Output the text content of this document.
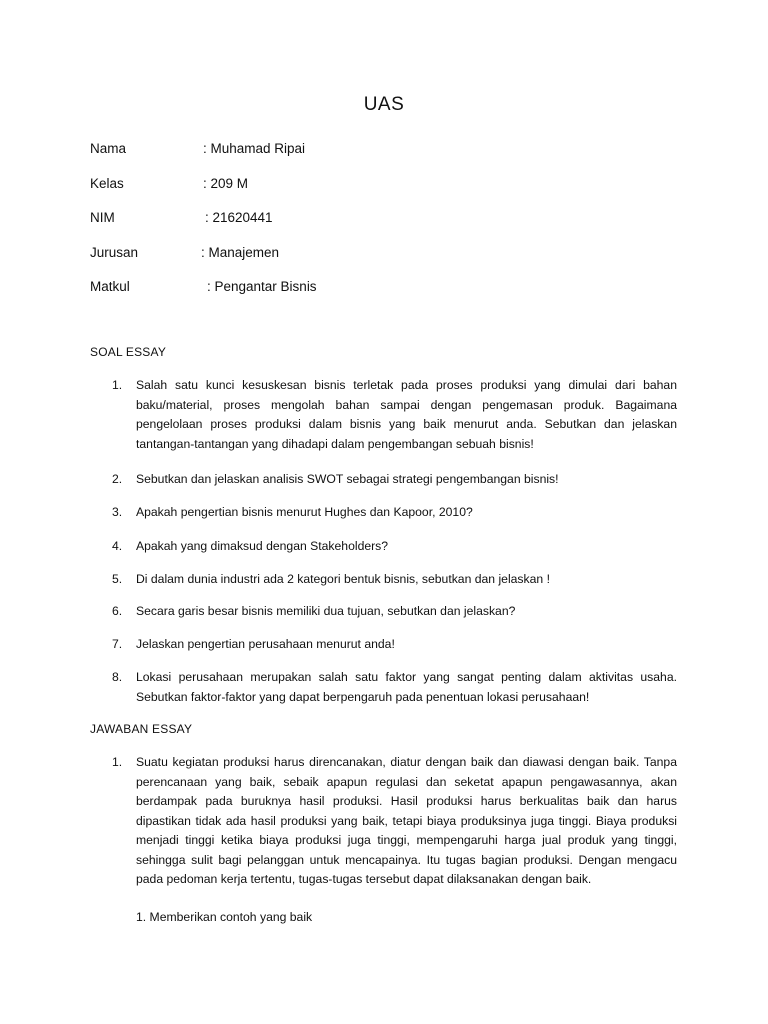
UAS
Nama	: Muhamad Ripai
Kelas	: 209 M
NIM	: 21620441
Jurusan	: Manajemen
Matkul	: Pengantar Bisnis
SOAL ESSAY
1. Salah satu kunci kesuskesan bisnis terletak pada proses produksi yang dimulai dari bahan baku/material, proses mengolah bahan sampai dengan pengemasan produk. Bagaimana pengelolaan proses produksi dalam bisnis yang baik menurut anda. Sebutkan dan jelaskan tantangan-tantangan yang dihadapi dalam pengembangan sebuah bisnis!
2. Sebutkan dan jelaskan analisis SWOT sebagai strategi pengembangan bisnis!
3. Apakah pengertian bisnis menurut Hughes dan Kapoor, 2010?
4. Apakah yang dimaksud dengan Stakeholders?
5. Di dalam dunia industri ada 2 kategori bentuk bisnis, sebutkan dan jelaskan !
6. Secara garis besar bisnis memiliki dua tujuan, sebutkan dan jelaskan?
7. Jelaskan pengertian perusahaan menurut anda!
8. Lokasi perusahaan merupakan salah satu faktor yang sangat penting dalam aktivitas usaha. Sebutkan faktor-faktor yang dapat berpengaruh pada penentuan lokasi perusahaan!
JAWABAN ESSAY
1. Suatu kegiatan produksi harus direncanakan, diatur dengan baik dan diawasi dengan baik. Tanpa perencanaan yang baik, sebaik apapun regulasi dan seketat apapun pengawasannya, akan berdampak pada buruknya hasil produksi. Hasil produksi harus berkualitas baik dan harus dipastikan tidak ada hasil produksi yang baik, tetapi biaya produksinya juga tinggi. Biaya produksi menjadi tinggi ketika biaya produksi juga tinggi, mempengaruhi harga jual produk yang tinggi, sehingga sulit bagi pelanggan untuk mencapainya. Itu tugas bagian produksi. Dengan mengacu pada pedoman kerja tertentu, tugas-tugas tersebut dapat dilaksanakan dengan baik.
1. Memberikan contoh yang baik
